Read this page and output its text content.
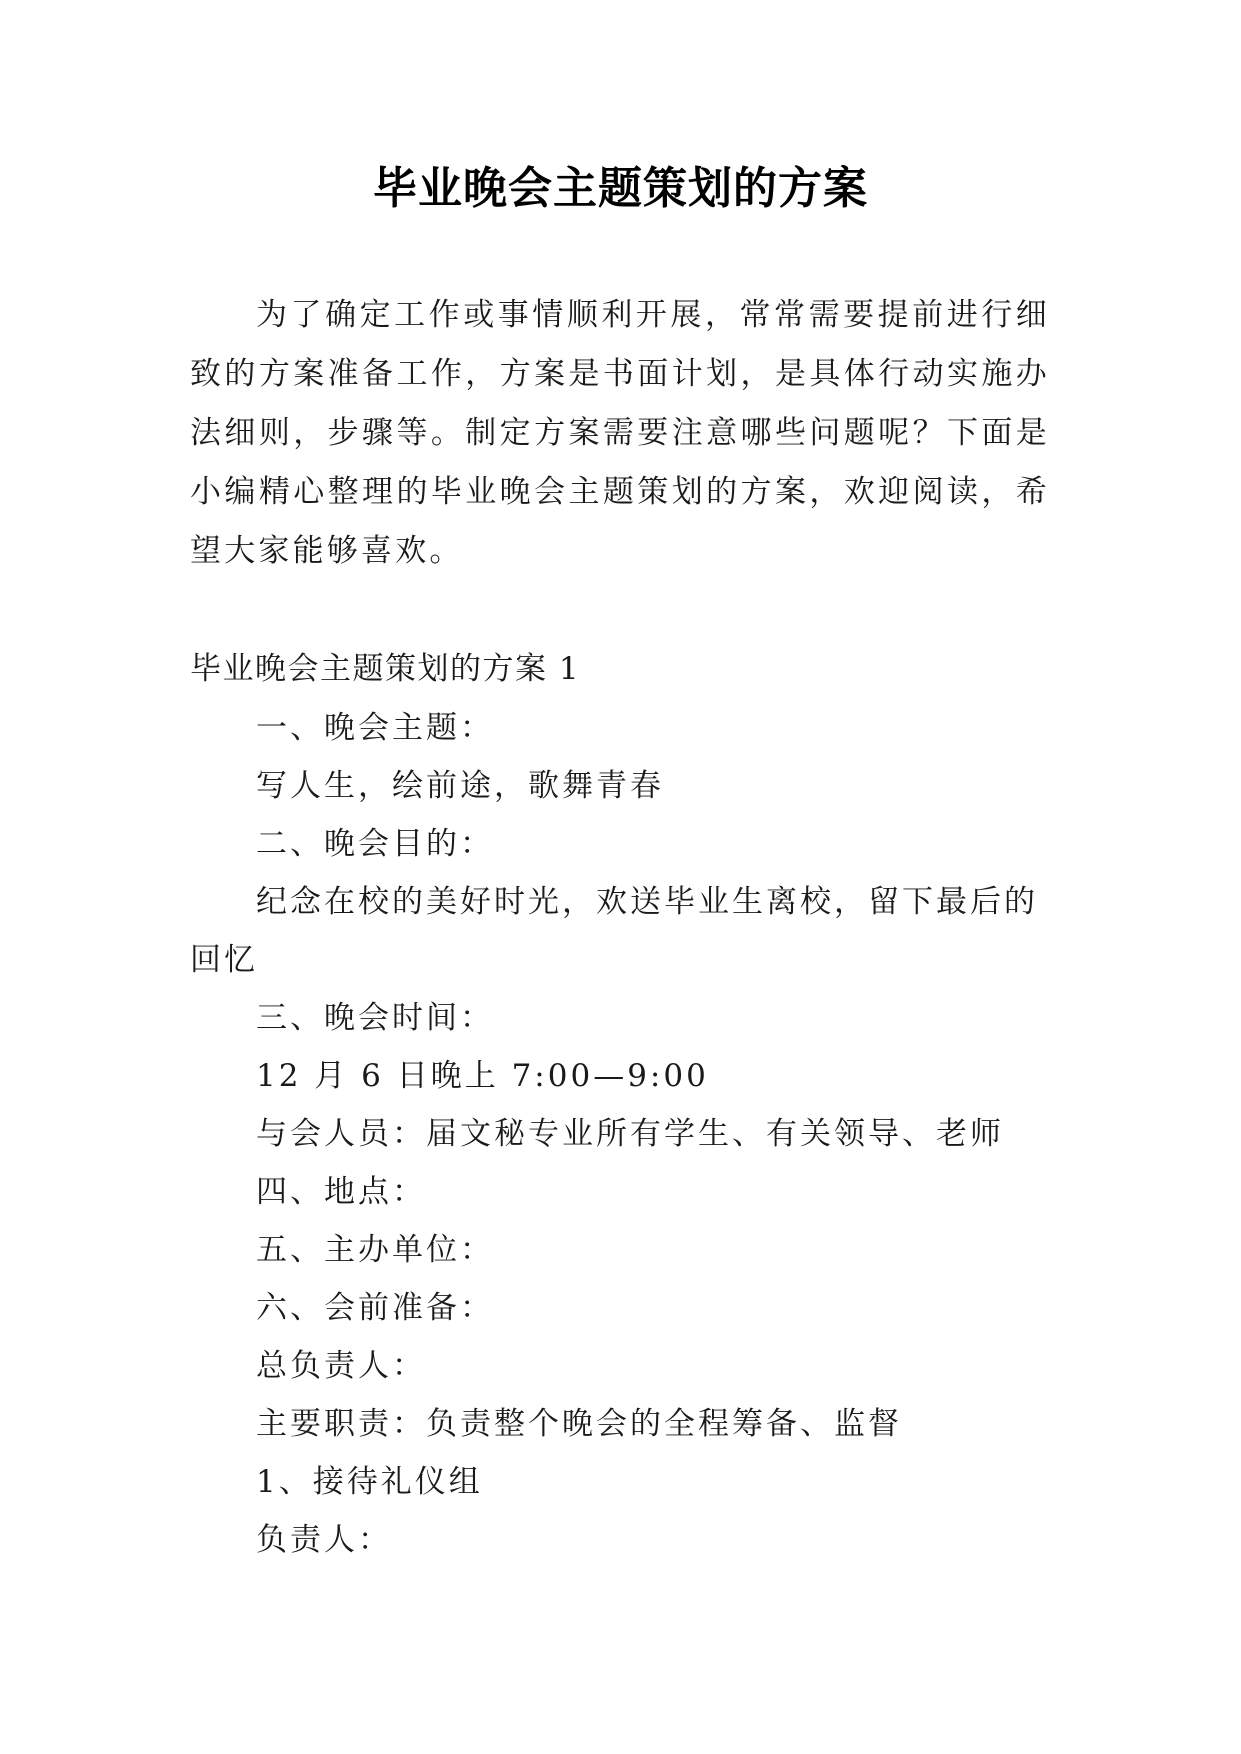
毕业晚会主题策划的方案

为了确定工作或事情顺利开展，常常需要提前进行细致的方案准备工作，方案是书面计划，是具体行动实施办法细则，步骤等。制定方案需要注意哪些问题呢？下面是小编精心整理的毕业晚会主题策划的方案，欢迎阅读，希望大家能够喜欢。

毕业晚会主题策划的方案 1

一、晚会主题：
写人生，绘前途，歌舞青春
二、晚会目的：
纪念在校的美好时光，欢送毕业生离校，留下最后的回忆
三、晚会时间：
12 月 6 日晚上 7:00—9:00
与会人员：届文秘专业所有学生、有关领导、老师
四、地点：
五、主办单位：
六、会前准备：
总负责人：
主要职责：负责整个晚会的全程筹备、监督
1、接待礼仪组
负责人：
